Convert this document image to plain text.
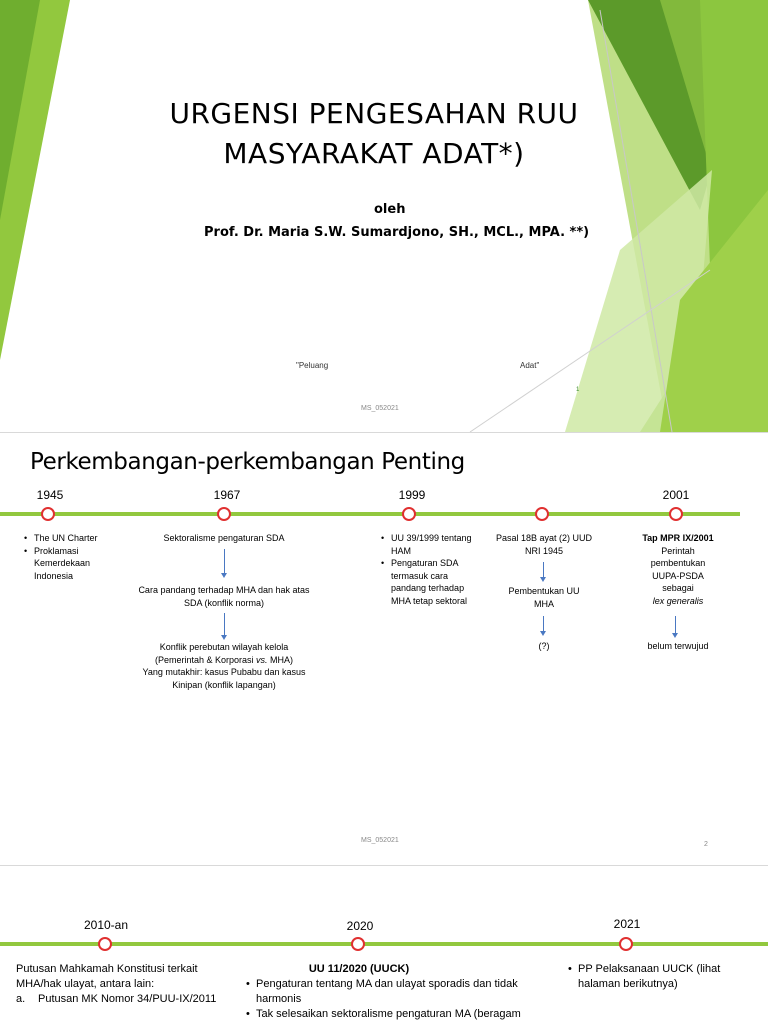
URGENSI PENGESAHAN RUU
MASYARAKAT ADAT*)
oleh
Prof. Dr. Maria S.W. Sumardjono, SH., MCL., MPA. **)
"Peluang	Adat"
1
MS_052021
Perkembangan-perkembangan Penting
1945	1967	1999	2001
• The UN Charter
• Proklamasi Kemerdekaan Indonesia
Sektoralisme pengaturan SDA
Cara pandang terhadap MHA dan hak atas SDA (konflik norma)
Konflik perebutan wilayah kelola
(Pemerintah & Korporasi vs. MHA)
Yang mutakhir: kasus Pubabu dan kasus Kinipan (konflik lapangan)
• UU 39/1999 tentang HAM
• Pengaturan SDA termasuk cara pandang terhadap MHA tetap sektoral
Pasal 18B ayat (2) UUD NRI 1945
Pembentukan UU MHA
(?)
Tap MPR IX/2001
Perintah pembentukan UUPA-PSDA sebagai
lex generalis
belum terwujud
MS_052021
2
2010-an	2020	2021
Putusan Mahkamah Konstitusi terkait MHA/hak ulayat, antara lain:
a. Putusan MK Nomor 34/PUU-IX/2011
UU 11/2020 (UUCK)
• Pengaturan tentang MA dan ulayat sporadis dan tidak harmonis
• Tak selesaikan sektoralisme pengaturan MA (beragam
• PP Pelaksanaan UUCK (lihat halaman berikutnya)
